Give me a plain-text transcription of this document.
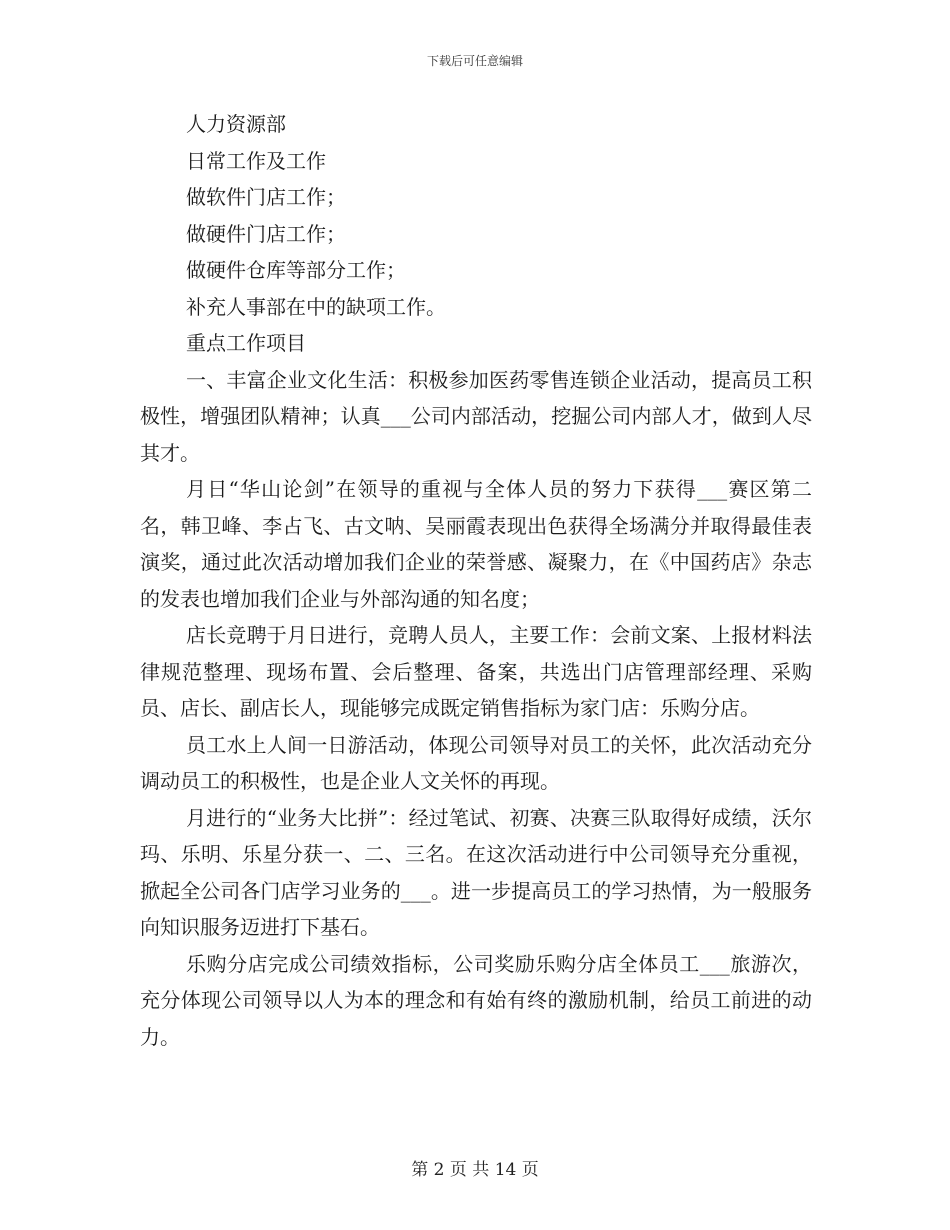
下载后可任意编辑
人力资源部
日常工作及工作
做软件门店工作；
做硬件门店工作；
做硬件仓库等部分工作；
补充人事部在中的缺项工作。
重点工作项目
一、丰富企业文化生活：积极参加医药零售连锁企业活动，提高员工积极性，增强团队精神；认真___公司内部活动，挖掘公司内部人才，做到人尽其才。
月日“华山论剑”在领导的重视与全体人员的努力下获得___赛区第二名，韩卫峰、李占飞、古文呐、吴丽霞表现出色获得全场满分并取得最佳表演奖，通过此次活动增加我们企业的荣誉感、凝聚力，在《中国药店》杂志的发表也增加我们企业与外部沟通的知名度；
店长竞聘于月日进行，竞聘人员人，主要工作：会前文案、上报材料法律规范整理、现场布置、会后整理、备案，共选出门店管理部经理、采购员、店长、副店长人，现能够完成既定销售指标为家门店：乐购分店。
员工水上人间一日游活动，体现公司领导对员工的关怀，此次活动充分调动员工的积极性，也是企业人文关怀的再现。
月进行的“业务大比拼”：经过笔试、初赛、决赛三队取得好成绩，沃尔玛、乐明、乐星分获一、二、三名。在这次活动进行中公司领导充分重视，掀起全公司各门店学习业务的___。进一步提高员工的学习热情，为一般服务向知识服务迈进打下基石。
乐购分店完成公司绩效指标，公司奖励乐购分店全体员工___旅游次，充分体现公司领导以人为本的理念和有始有终的激励机制，给员工前进的动力。
第 2 页 共 14 页
